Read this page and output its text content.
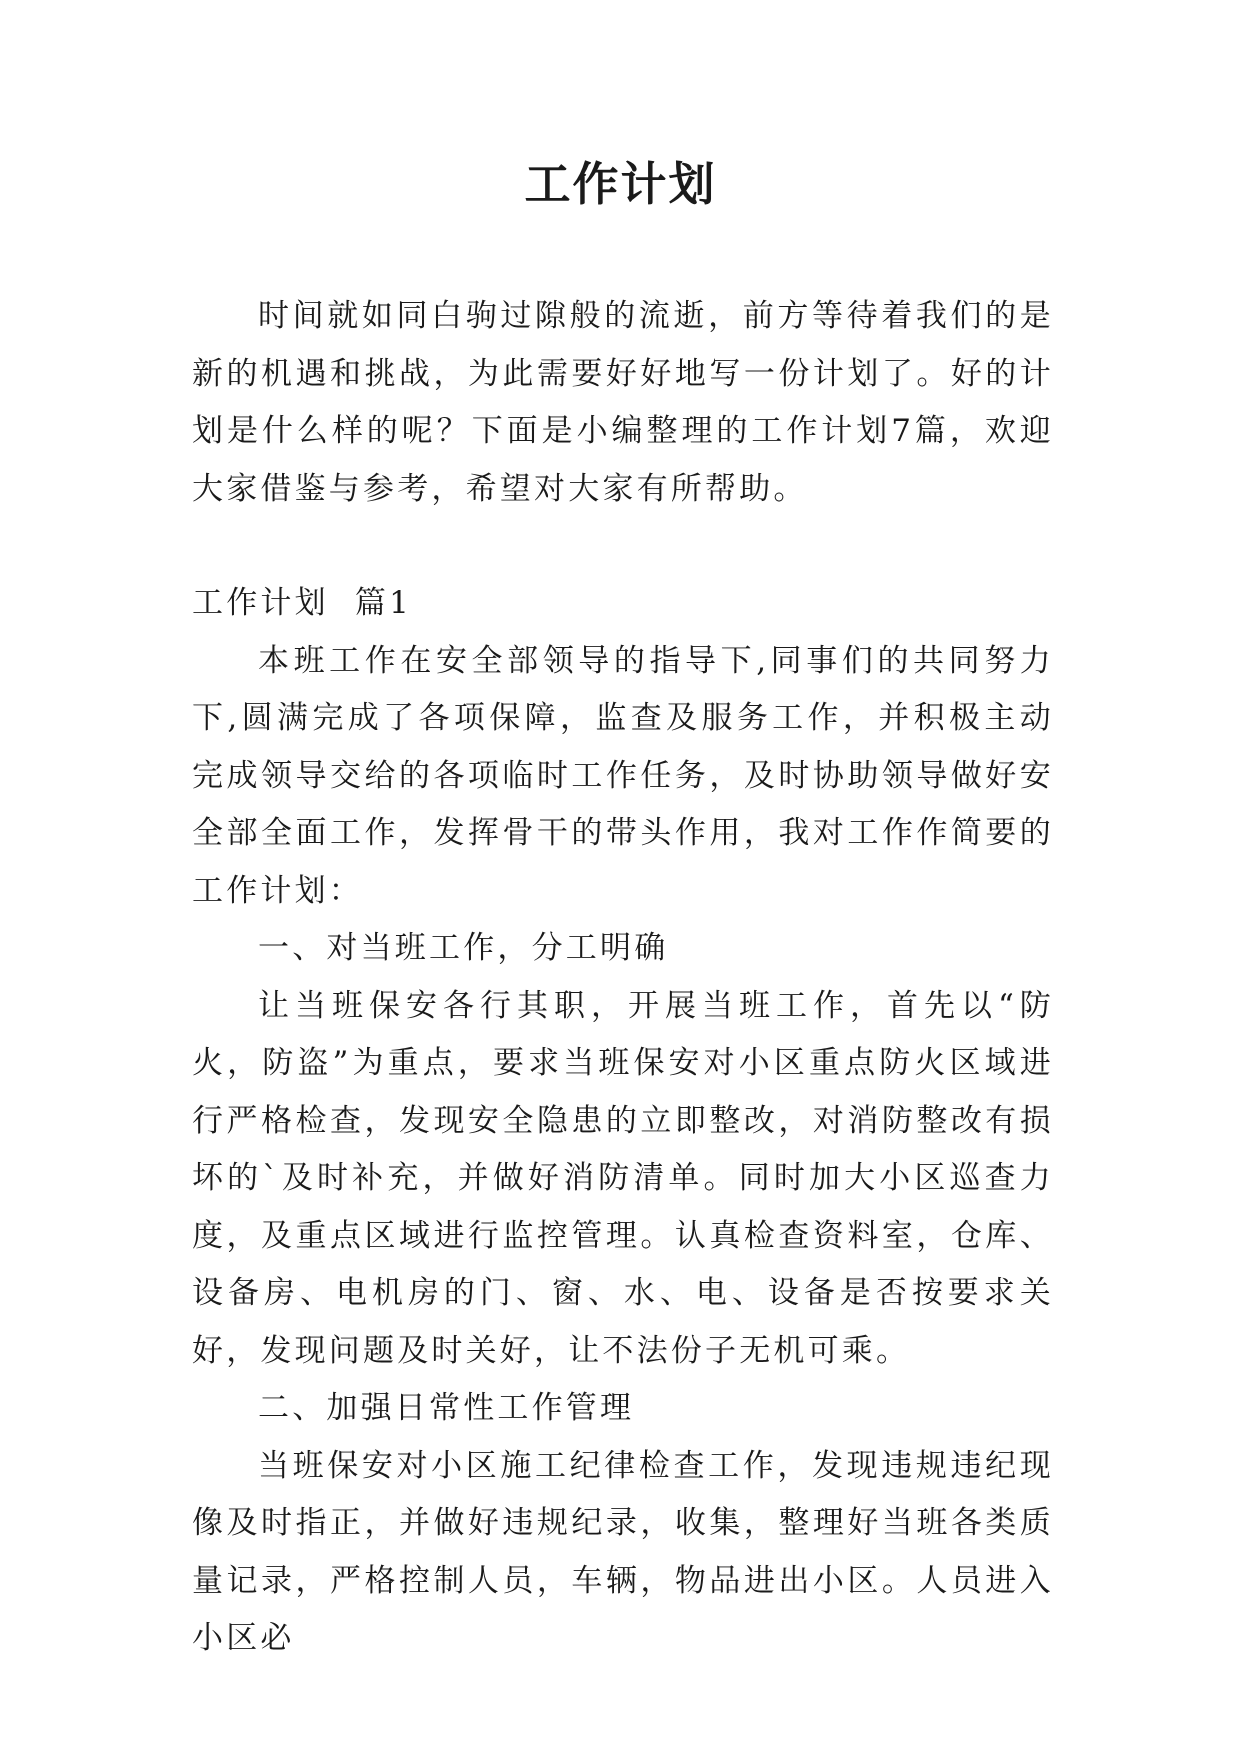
工作计划

时间就如同白驹过隙般的流逝，前方等待着我们的是新的机遇和挑战，为此需要好好地写一份计划了。好的计划是什么样的呢？下面是小编整理的工作计划7篇，欢迎大家借鉴与参考，希望对大家有所帮助。

工作计划  篇1

本班工作在安全部领导的指导下,同事们的共同努力下,圆满完成了各项保障，监查及服务工作，并积极主动完成领导交给的各项临时工作任务，及时协助领导做好安全部全面工作，发挥骨干的带头作用，我对工作作简要的工作计划：

一、对当班工作，分工明确

让当班保安各行其职，开展当班工作，首先以“防火，防盗”为重点，要求当班保安对小区重点防火区域进行严格检查，发现安全隐患的立即整改，对消防整改有损坏的`及时补充，并做好消防清单。同时加大小区巡查力度，及重点区域进行监控管理。认真检查资料室，仓库、设备房、电机房的门、窗、水、电、设备是否按要求关好，发现问题及时关好，让不法份子无机可乘。

二、加强日常性工作管理

当班保安对小区施工纪律检查工作，发现违规违纪现像及时指正，并做好违规纪录，收集，整理好当班各类质量记录，严格控制人员，车辆，物品进出小区。人员进入小区必
